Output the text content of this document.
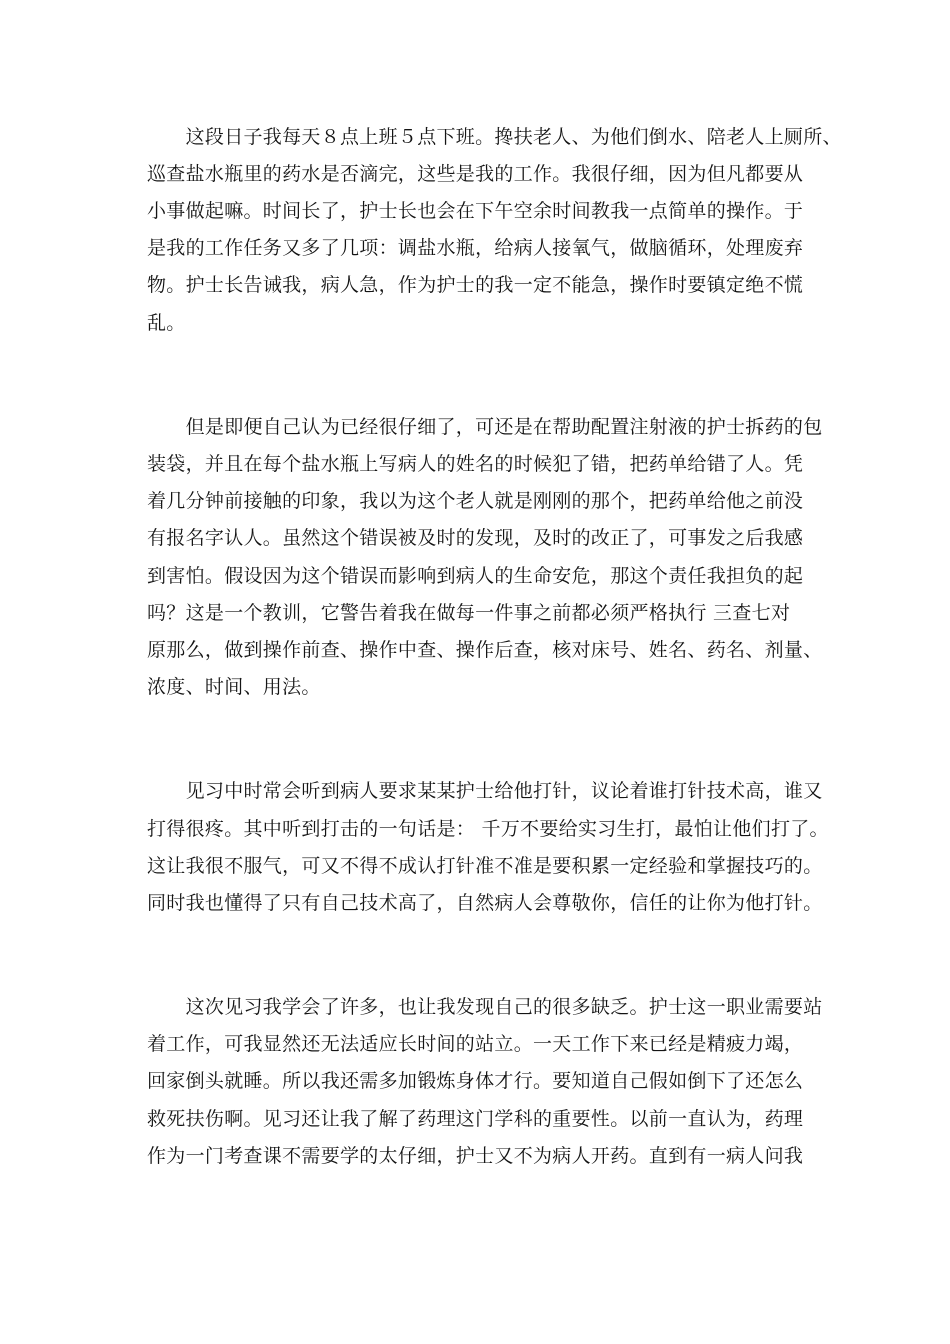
　　这段日子我每天８点上班５点下班。搀扶老人、为他们倒水、陪老人上厕所、
巡查盐水瓶里的药水是否滴完，这些是我的工作。我很仔细，因为但凡都要从
小事做起嘛。时间长了，护士长也会在下午空余时间教我一点简单的操作。于
是我的工作任务又多了几项：调盐水瓶，给病人接氧气，做脑循环，处理废弃
物。护士长告诫我，病人急，作为护士的我一定不能急，操作时要镇定绝不慌
乱。
　　但是即便自己认为已经很仔细了，可还是在帮助配置注射液的护士拆药的包
装袋，并且在每个盐水瓶上写病人的姓名的时候犯了错，把药单给错了人。凭
着几分钟前接触的印象，我以为这个老人就是刚刚的那个，把药单给他之前没
有报名字认人。虽然这个错误被及时的发现，及时的改正了，可事发之后我感
到害怕。假设因为这个错误而影响到病人的生命安危，那这个责任我担负的起
吗？这是一个教训，它警告着我在做每一件事之前都必须严格执行 三查七对
原那么，做到操作前查、操作中查、操作后查，核对床号、姓名、药名、剂量、
浓度、时间、用法。
　　见习中时常会听到病人要求某某护士给他打针，议论着谁打针技术高，谁又
打得很疼。其中听到打击的一句话是： 千万不要给实习生打，最怕让他们打了。
这让我很不服气，可又不得不成认打针准不准是要积累一定经验和掌握技巧的。
同时我也懂得了只有自己技术高了，自然病人会尊敬你，信任的让你为他打针。
　　这次见习我学会了许多，也让我发现自己的很多缺乏。护士这一职业需要站
着工作，可我显然还无法适应长时间的站立。一天工作下来已经是精疲力竭，
回家倒头就睡。所以我还需多加锻炼身体才行。要知道自己假如倒下了还怎么
救死扶伤啊。见习还让我了解了药理这门学科的重要性。以前一直认为，药理
作为一门考查课不需要学的太仔细，护士又不为病人开药。直到有一病人问我
